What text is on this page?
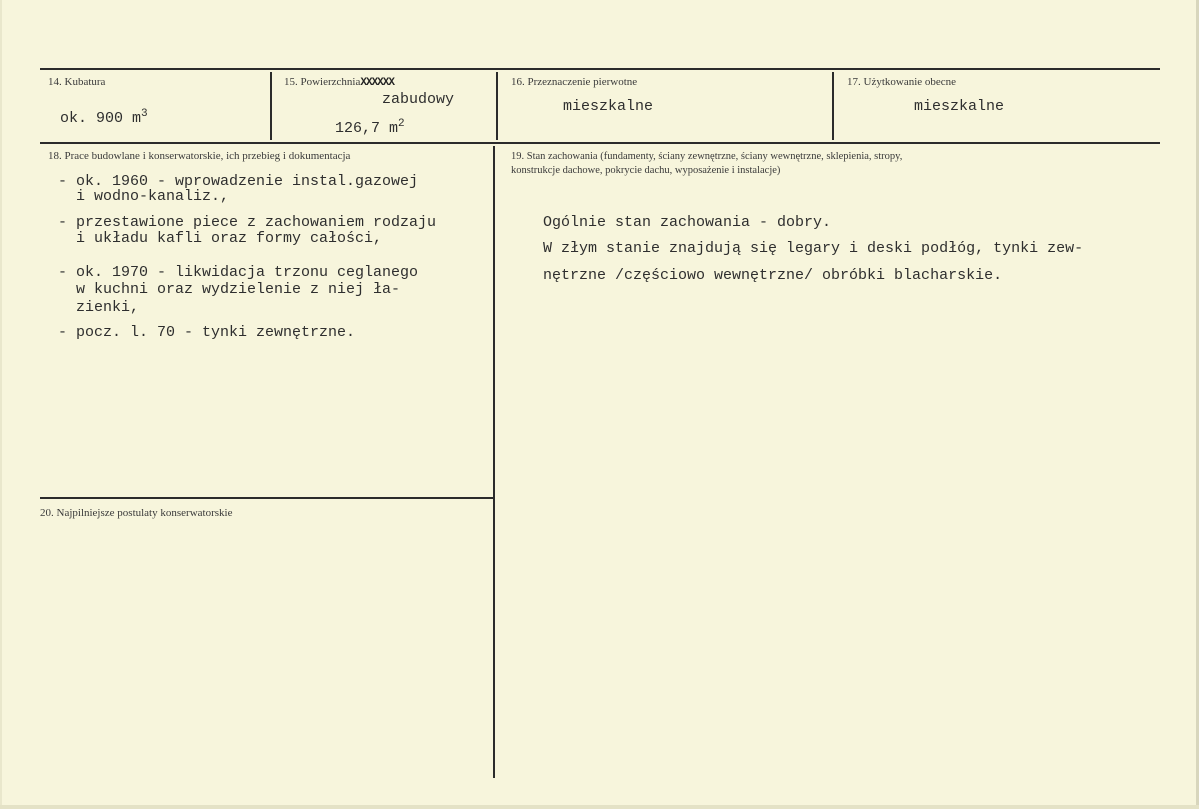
14. Kubatura
ok. 900 $m^3$
15. PowierzchniaXXXXXX
zabudowy
126,7 $m^2$
16. Przeznaczenie pierwotne
mieszkalne
17. Użytkowanie obecne
mieszkalne
18. Prace budowlane i konserwatorskie, ich przebieg i dokumentacja
- ok. 1960 - wprowadzenie instal.gazowej
i wodno-kanaliz.,
- przestawione piece z zachowaniem rodzaju
i układu kafli oraz formy całości,
- ok. 1970 - likwidacja trzonu ceglanego
w kuchni oraz wydzielenie z niej ła-
zienki,
- pocz. l. 70 - tynki zewnętrzne.
19. Stan zachowania (fundamenty, ściany zewnętrzne, ściany wewnętrzne, sklepienia, stropy,
konstrukcje dachowe, pokrycie dachu, wyposażenie i instalacje)
Ogólnie stan zachowania - dobry.
W złym stanie znajdują się legary i deski podłóg, tynki zew-
nętrzne /częściowo wewnętrzne/ obróbki blacharskie.
20. Najpilniejsze postulaty konserwatorskie
